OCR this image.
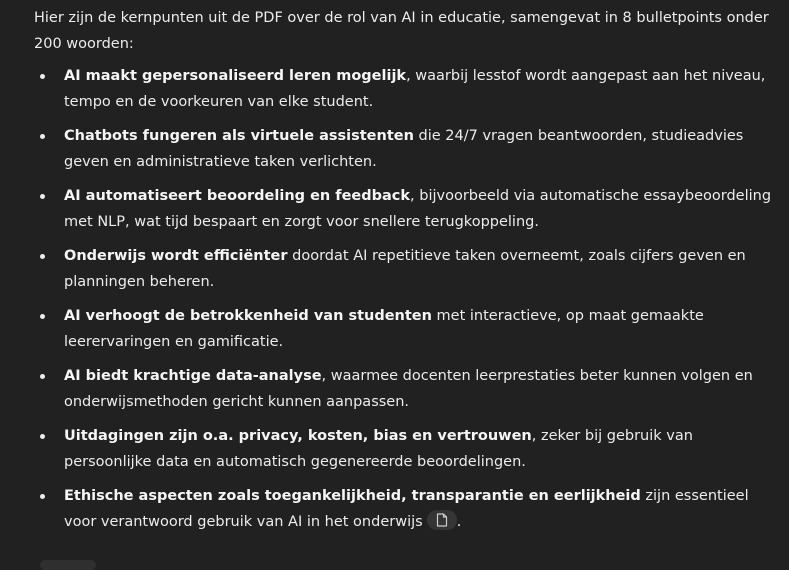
Hier zijn de kernpunten uit de PDF over de rol van AI in educatie, samengevat in 8 bulletpoints onder 200 woorden:

AI maakt gepersonaliseerd leren mogelijk, waarbij lesstof wordt aangepast aan het niveau, tempo en de voorkeuren van elke student.
Chatbots fungeren als virtuele assistenten die 24/7 vragen beantwoorden, studieadvies geven en administratieve taken verlichten.
AI automatiseert beoordeling en feedback, bijvoorbeeld via automatische essaybeoordeling met NLP, wat tijd bespaart en zorgt voor snellere terugkoppeling.
Onderwijs wordt efficiënter doordat AI repetitieve taken overneemt, zoals cijfers geven en planningen beheren.
AI verhoogt de betrokkenheid van studenten met interactieve, op maat gemaakte leerervaringen en gamificatie.
AI biedt krachtige data-analyse, waarmee docenten leerprestaties beter kunnen volgen en onderwijsmethoden gericht kunnen aanpassen.
Uitdagingen zijn o.a. privacy, kosten, bias en vertrouwen, zeker bij gebruik van persoonlijke data en automatisch gegenereerde beoordelingen.
Ethische aspecten zoals toegankelijkheid, transparantie en eerlijkheid zijn essentieel voor verantwoord gebruik van AI in het onderwijs .
